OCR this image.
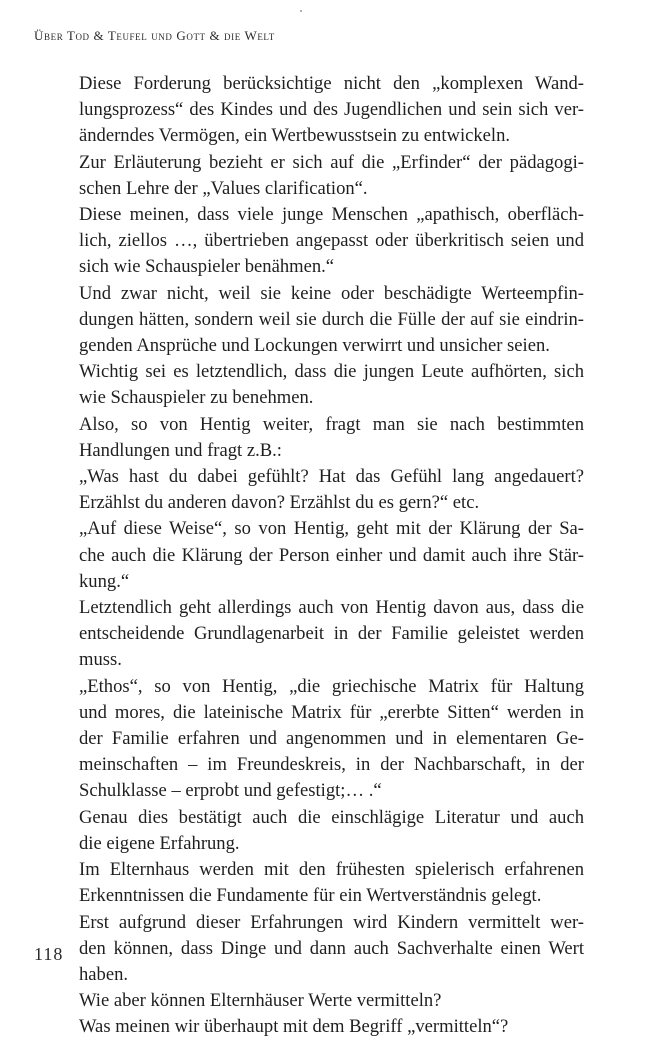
Über Tod & Teufel und Gott & die Welt

Diese Forderung berücksichtige nicht den „komplexen Wand-
lungsprozess“ des Kindes und des Jugendlichen und sein sich ver-
änderndes Vermögen, ein Wertbewusstsein zu entwickeln.

Zur Erläuterung bezieht er sich auf die „Erfinder“ der pädagogi-
schen Lehre der „Values clarification“.

Diese meinen, dass viele junge Menschen „apathisch, oberfläch-
lich, ziellos …, übertrieben angepasst oder überkritisch seien und
sich wie Schauspieler benähmen.“

Und zwar nicht, weil sie keine oder beschädigte Werteempfin-
dungen hätten, sondern weil sie durch die Fülle der auf sie eindrin-
genden Ansprüche und Lockungen verwirrt und unsicher seien.

Wichtig sei es letztendlich, dass die jungen Leute aufhörten, sich
wie Schauspieler zu benehmen.

Also, so von Hentig weiter, fragt man sie nach bestimmten
Handlungen und fragt z.B.:

„Was hast du dabei gefühlt? Hat das Gefühl lang angedauert?
Erzählst du anderen davon? Erzählst du es gern?“ etc.

„Auf diese Weise“, so von Hentig, geht mit der Klärung der Sa-
che auch die Klärung der Person einher und damit auch ihre Stär-
kung.“

Letztendlich geht allerdings auch von Hentig davon aus, dass die
entscheidende Grundlagenarbeit in der Familie geleistet werden
muss.

„Ethos“, so von Hentig, „die griechische Matrix für Haltung
und mores, die lateinische Matrix für „ererbte Sitten“ werden in
der Familie erfahren und angenommen und in elementaren Ge-
meinschaften – im Freundeskreis, in der Nachbarschaft, in der
Schulklasse – erprobt und gefestigt;… .“

Genau dies bestätigt auch die einschlägige Literatur und auch
die eigene Erfahrung.

Im Elternhaus werden mit den frühesten spielerisch erfahrenen
Erkenntnissen die Fundamente für ein Wertverständnis gelegt.

Erst aufgrund dieser Erfahrungen wird Kindern vermittelt wer-
den können, dass Dinge und dann auch Sachverhalte einen Wert
haben.

Wie aber können Elternhäuser Werte vermitteln?

Was meinen wir überhaupt mit dem Begriff „vermitteln“?

118
